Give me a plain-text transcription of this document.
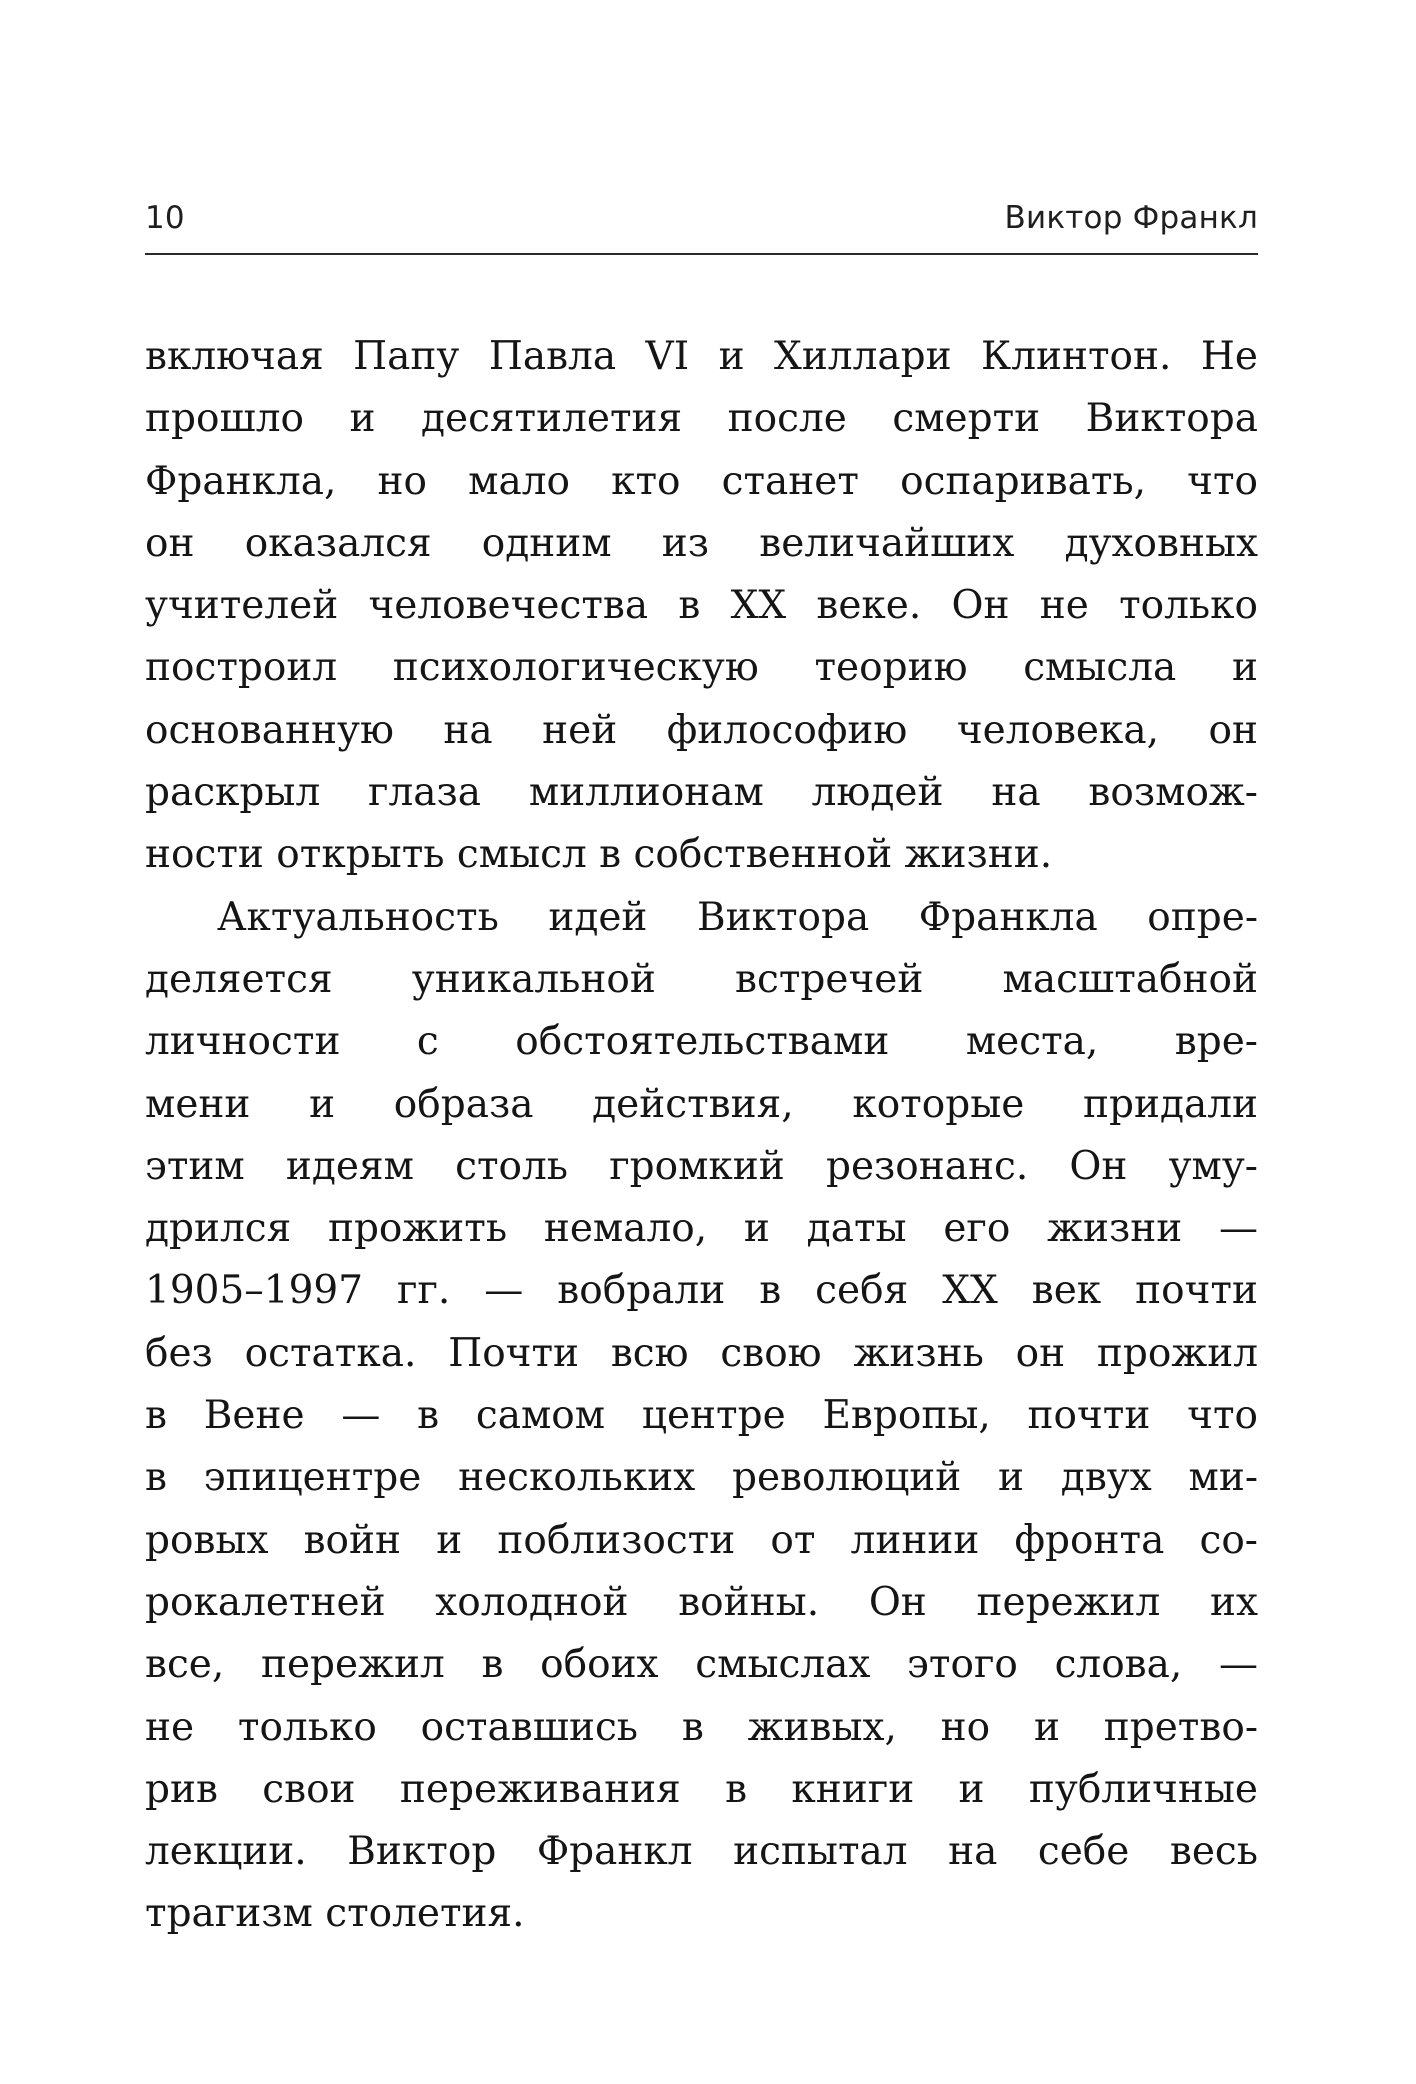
10	Виктор Франкл
включая Папу Павла VI и Хиллари Клинтон. Не
прошло и десятилетия после смерти Виктора
Франкла, но мало кто станет оспаривать, что
он оказался одним из величайших духовных
учителей человечества в XX веке. Он не только
построил психологическую теорию смысла и
основанную на ней философию человека, он
раскрыл глаза миллионам людей на возмож-
ности открыть смысл в собственной жизни.
Актуальность идей Виктора Франкла опре-
деляется уникальной встречей масштабной
личности с обстоятельствами места, вре-
мени и образа действия, которые придали
этим идеям столь громкий резонанс. Он уму-
дрился прожить немало, и даты его жизни —
1905–1997 гг. — вобрали в себя XX век почти
без остатка. Почти всю свою жизнь он прожил
в Вене — в самом центре Европы, почти что
в эпицентре нескольких революций и двух ми-
ровых войн и поблизости от линии фронта со-
рокалетней холодной войны. Он пережил их
все, пережил в обоих смыслах этого слова, —
не только оставшись в живых, но и претво-
рив свои переживания в книги и публичные
лекции. Виктор Франкл испытал на себе весь
трагизм столетия.
